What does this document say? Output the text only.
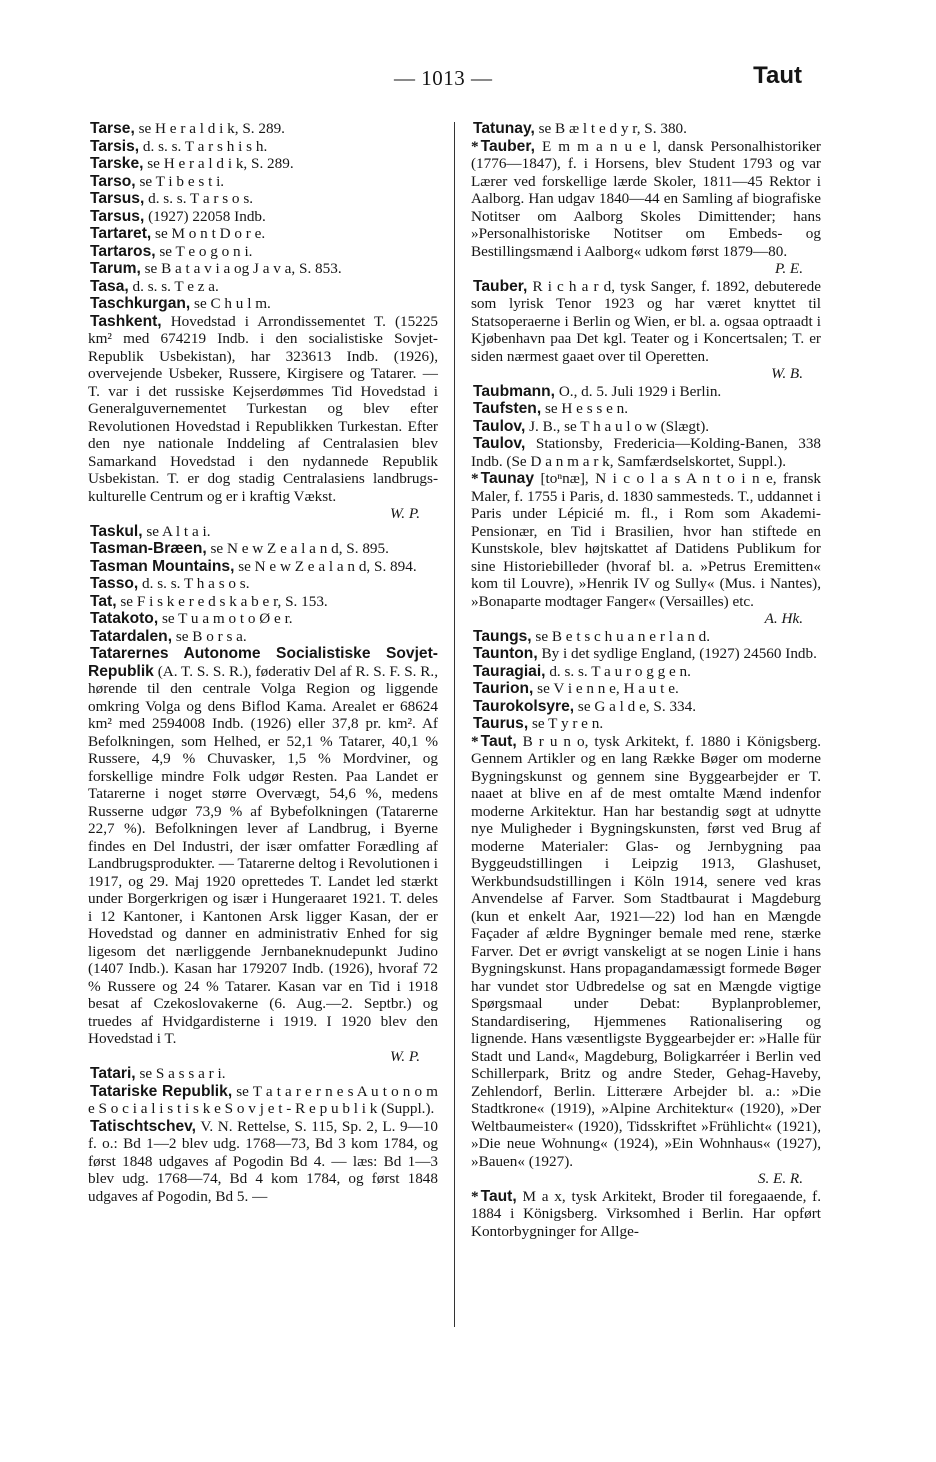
— 1013 —	Taut

Tarse, se H e r a l d i k, S. 289.

Tarsis, d. s. s. T a r s h i s h.

Tarske, se H e r a l d i k, S. 289.

Tarso, se T i b e s t i.

Tarsus, d. s. s. T a r s o s.

Tarsus, (1927) 22058 Indb.

Tartaret, se M o n t D o r e.

Tartaros, se T e o g o n i.

Tarum, se B a t a v i a og J a v a, S. 853.

Tasa, d. s. s. T e z a.

Taschkurgan, se C h u l m.

Tashkent, Hovedstad i Arrondissementet T. (15225 km² med 674219 Indb. i den socialistiske Sovjet-Republik Usbekistan), har 323613 Indb. (1926), overvejende Usbeker, Russere, Kirgisere og Tatarer. — T. var i det russiske Kejserdømmes Tid Hovedstad i Generalguvernementet Turkestan og blev efter Revolutionen Hovedstad i Republikken Turkestan. Efter den nye nationale Inddeling af Centralasien blev Samarkand Hovedstad i den nydannede Republik Usbekistan. T. er dog stadig Centralasiens landbrugs-kulturelle Centrum og er i kraftig Vækst.
W. P.

Taskul, se A l t a i.

Tasman-Bræen, se N e w Z e a l a n d, S. 895.

Tasman Mountains, se N e w Z e a l a n d, S. 894.

Tasso, d. s. s. T h a s o s.

Tat, se F i s k e r e d s k a b e r, S. 153.

Tatakoto, se T u a m o t o Ø e r.

Tatardalen, se B o r s a.

Tatarernes Autonome Socialistiske Sovjet-Republik (A. T. S. S. R.), føderativ Del af R. S. F. S. R., hørende til den centrale Volga Region og liggende omkring Volga og dens Biflod Kama. Arealet er 68624 km² med 2594008 Indb. (1926) eller 37,8 pr. km². Af Befolkningen, som Helhed, er 52,1 % Tatarer, 40,1 % Russere, 4,9 % Chuvasker, 1,5 % Mordviner, og forskellige mindre Folk udgør Resten. Paa Landet er Tatarerne i noget større Overvægt, 54,6 %, medens Russerne udgør 73,9 % af Bybefolkningen (Tatarerne 22,7 %). Befolkningen lever af Landbrug, i Byerne findes en Del Industri, der især omfatter Forædling af Landbrugsprodukter. — Tatarerne deltog i Revolutionen i 1917, og 29. Maj 1920 oprettedes T. Landet led stærkt under Borgerkrigen og især i Hungeraaret 1921. T. deles i 12 Kantoner, i Kantonen Arsk ligger Kasan, der er Hovedstad og danner en administrativ Enhed for sig ligesom det nærliggende Jernbaneknudepunkt Judino (1407 Indb.). Kasan har 179207 Indb. (1926), hvoraf 72 % Russere og 24 % Tatarer. Kasan var en Tid i 1918 besat af Czekoslovakerne (6. Aug.—2. Septbr.) og truedes af Hvidgardisterne i 1919. I 1920 blev den Hovedstad i T.
W. P.

Tatari, se S a s s a r i.

Tatariske Republik, se T a t a r e r n e s A u t o n o m e S o c i a l i s t i s k e S o v j e t - R e p u b l i k (Suppl.).

Tatischtschev, V. N. Rettelse, S. 115, Sp. 2, L. 9—10 f. o.: Bd 1—2 blev udg. 1768—73, Bd 3 kom 1784, og først 1848 udgaves af Pogodin Bd 4. — læs: Bd 1—3 blev udg. 1768—74, Bd 4 kom 1784, og først 1848 udgaves af Pogodin, Bd 5. —

Tatunay, se B æ l t e d y r, S. 380.

* Tauber, E m m a n u e l, dansk Personalhistoriker (1776—1847), f. i Horsens, blev Student 1793 og var Lærer ved forskellige lærde Skoler, 1811—45 Rektor i Aalborg. Han udgav 1840—44 en Samling af biografiske Notitser om Aalborg Skoles Dimittender; hans »Personalhistoriske Notitser om Embeds- og Bestillingsmænd i Aalborg« udkom først 1879—80.
P. E.

Tauber, R i c h a r d, tysk Sanger, f. 1892, debuterede som lyrisk Tenor 1923 og har været knyttet til Statsoperaerne i Berlin og Wien, er bl. a. ogsaa optraadt i Kjøbenhavn paa Det kgl. Teater og i Koncertsalen; T. er siden nærmest gaaet over til Operetten.
W. B.

Taubmann, O., d. 5. Juli 1929 i Berlin.

Taufsten, se H e s s e n.

Taulov, J. B., se T h a u l o w (Slægt).

Taulov, Stationsby, Fredericia—Kolding-Banen, 338 Indb. (Se D a n m a r k, Samfærdselskortet, Suppl.).

* Taunay [toⁿnæ], N i c o l a s A n t o i n e, fransk Maler, f. 1755 i Paris, d. 1830 sammesteds. T., uddannet i Paris under Lépicié m. fl., i Rom som Akademi-Pensionær, en Tid i Brasilien, hvor han stiftede en Kunstskole, blev højtskattet af Datidens Publikum for sine Historiebilleder (hvoraf bl. a. »Petrus Eremitten« kom til Louvre), »Henrik IV og Sully« (Mus. i Nantes), »Bonaparte modtager Fanger« (Versailles) etc.
A. Hk.

Taungs, se B e t s c h u a n e r l a n d.

Taunton, By i det sydlige England, (1927) 24560 Indb.

Tauragiai, d. s. s. T a u r o g g e n.

Taurion, se V i e n n e, H a u t e.

Taurokolsyre, se G a l d e, S. 334.

Taurus, se T y r e n.

* Taut, B r u n o, tysk Arkitekt, f. 1880 i Königsberg. Gennem Artikler og en lang Række Bøger om moderne Bygningskunst og gennem sine Byggearbejder er T. naaet at blive en af de mest omtalte Mænd indenfor moderne Arkitektur. Han har bestandig søgt at udnytte nye Muligheder i Bygningskunsten, først ved Brug af moderne Materialer: Glas- og Jernbygning paa Byggeudstillingen i Leipzig 1913, Glashuset, Werkbundsudstillingen i Köln 1914, senere ved kras Anvendelse af Farver. Som Stadtbaurat i Magdeburg (kun et enkelt Aar, 1921—22) lod han en Mængde Façader af ældre Bygninger bemale med rene, stærke Farver. Det er øvrigt vanskeligt at se nogen Linie i hans Bygningskunst. Hans propagandamæssigt formede Bøger har vundet stor Udbredelse og sat en Mængde vigtige Spørgsmaal under Debat: Byplanproblemer, Standardisering, Hjemmenes Rationalisering og lignende. Hans væsentligste Byggearbejder er: »Halle für Stadt und Land«, Magdeburg, Boligkarréer i Berlin ved Schillerpark, Britz og andre Steder, Gehag-Haveby, Zehlendorf, Berlin. Litterære Arbejder bl. a.: »Die Stadtkrone« (1919), »Alpine Architektur« (1920), »Der Weltbaumeister« (1920), Tidsskriftet »Frühlicht« (1921), »Die neue Wohnung« (1924), »Ein Wohnhaus« (1927), »Bauen« (1927).
S. E. R.

* Taut, M a x, tysk Arkitekt, Broder til foregaaende, f. 1884 i Königsberg. Virksomhed i Berlin. Har opført Kontorbygninger for Allge-
